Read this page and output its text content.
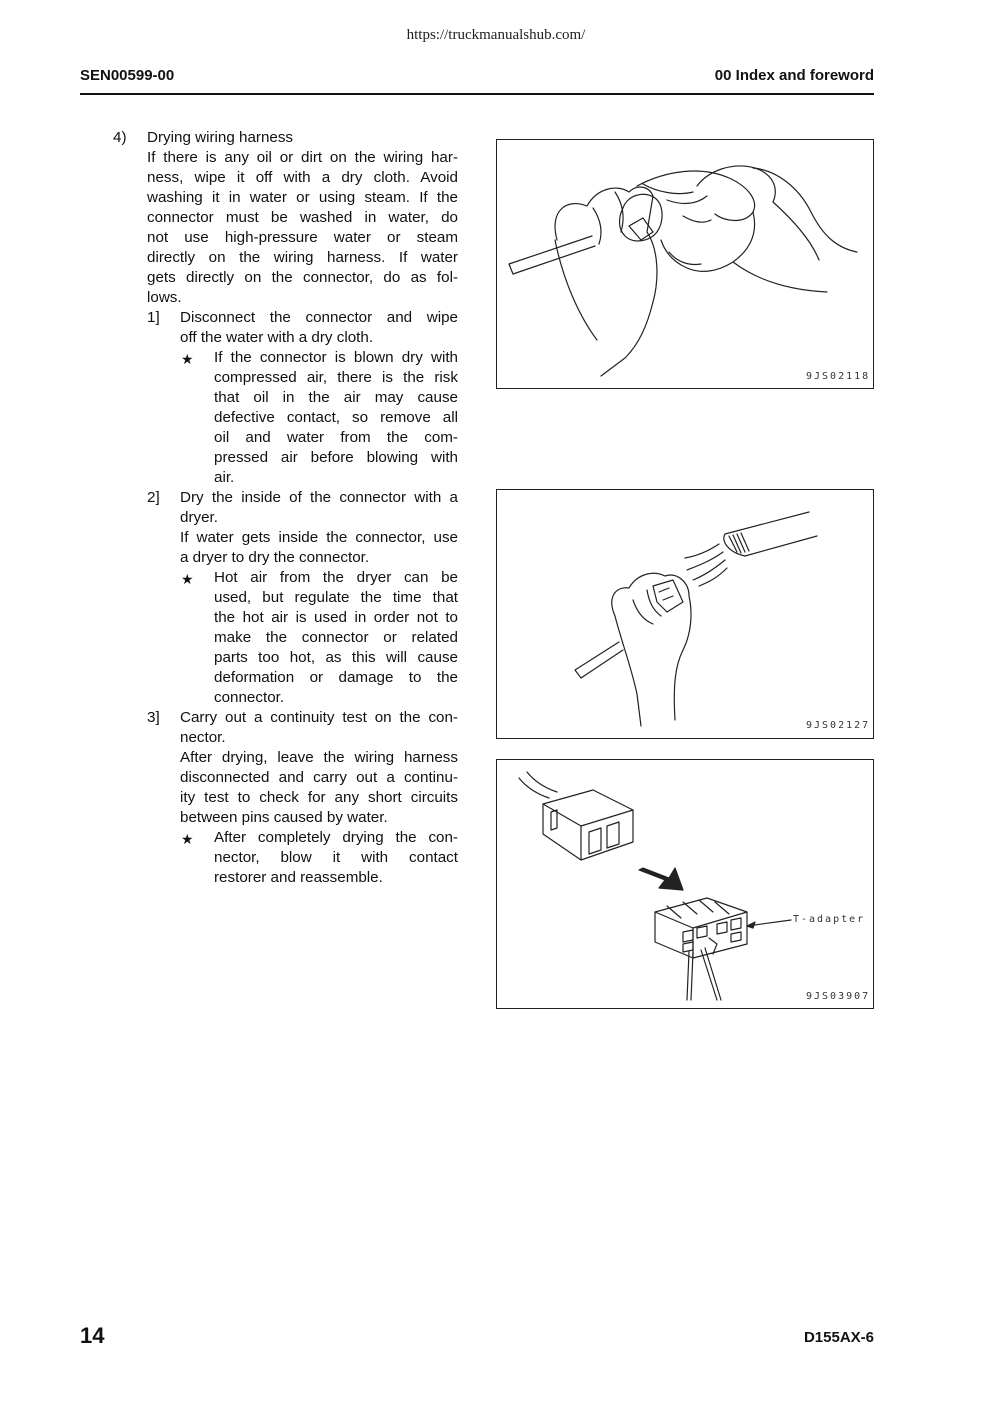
https://truckmanualshub.com/
SEN00599-00	00 Index and foreword
4) Drying wiring harness
If there is any oil or dirt on the wiring har-
ness, wipe it off with a dry cloth. Avoid
washing it in water or using steam. If the
connector must be washed in water, do
not use high-pressure water or steam
directly on the wiring harness. If water
gets directly on the connector, do as fol-
lows.
1] Disconnect the connector and wipe
off the water with a dry cloth.
★ If the connector is blown dry with
compressed air, there is the risk
that oil in the air may cause
defective contact, so remove all
oil and water from the com-
pressed air before blowing with
air.
2] Dry the inside of the connector with a
dryer.
If water gets inside the connector, use
a dryer to dry the connector.
★ Hot air from the dryer can be
used, but regulate the time that
the hot air is used in order not to
make the connector or related
parts too hot, as this will cause
deformation or damage to the
connector.
3] Carry out a continuity test on the con-
nector.
After drying, leave the wiring harness
disconnected and carry out a continu-
ity test to check for any short circuits
between pins caused by water.
★ After completely drying the con-
nector, blow it with contact
restorer and reassemble.
9JS02118
9JS02127
T-adapter
9JS03907
14	D155AX-6
